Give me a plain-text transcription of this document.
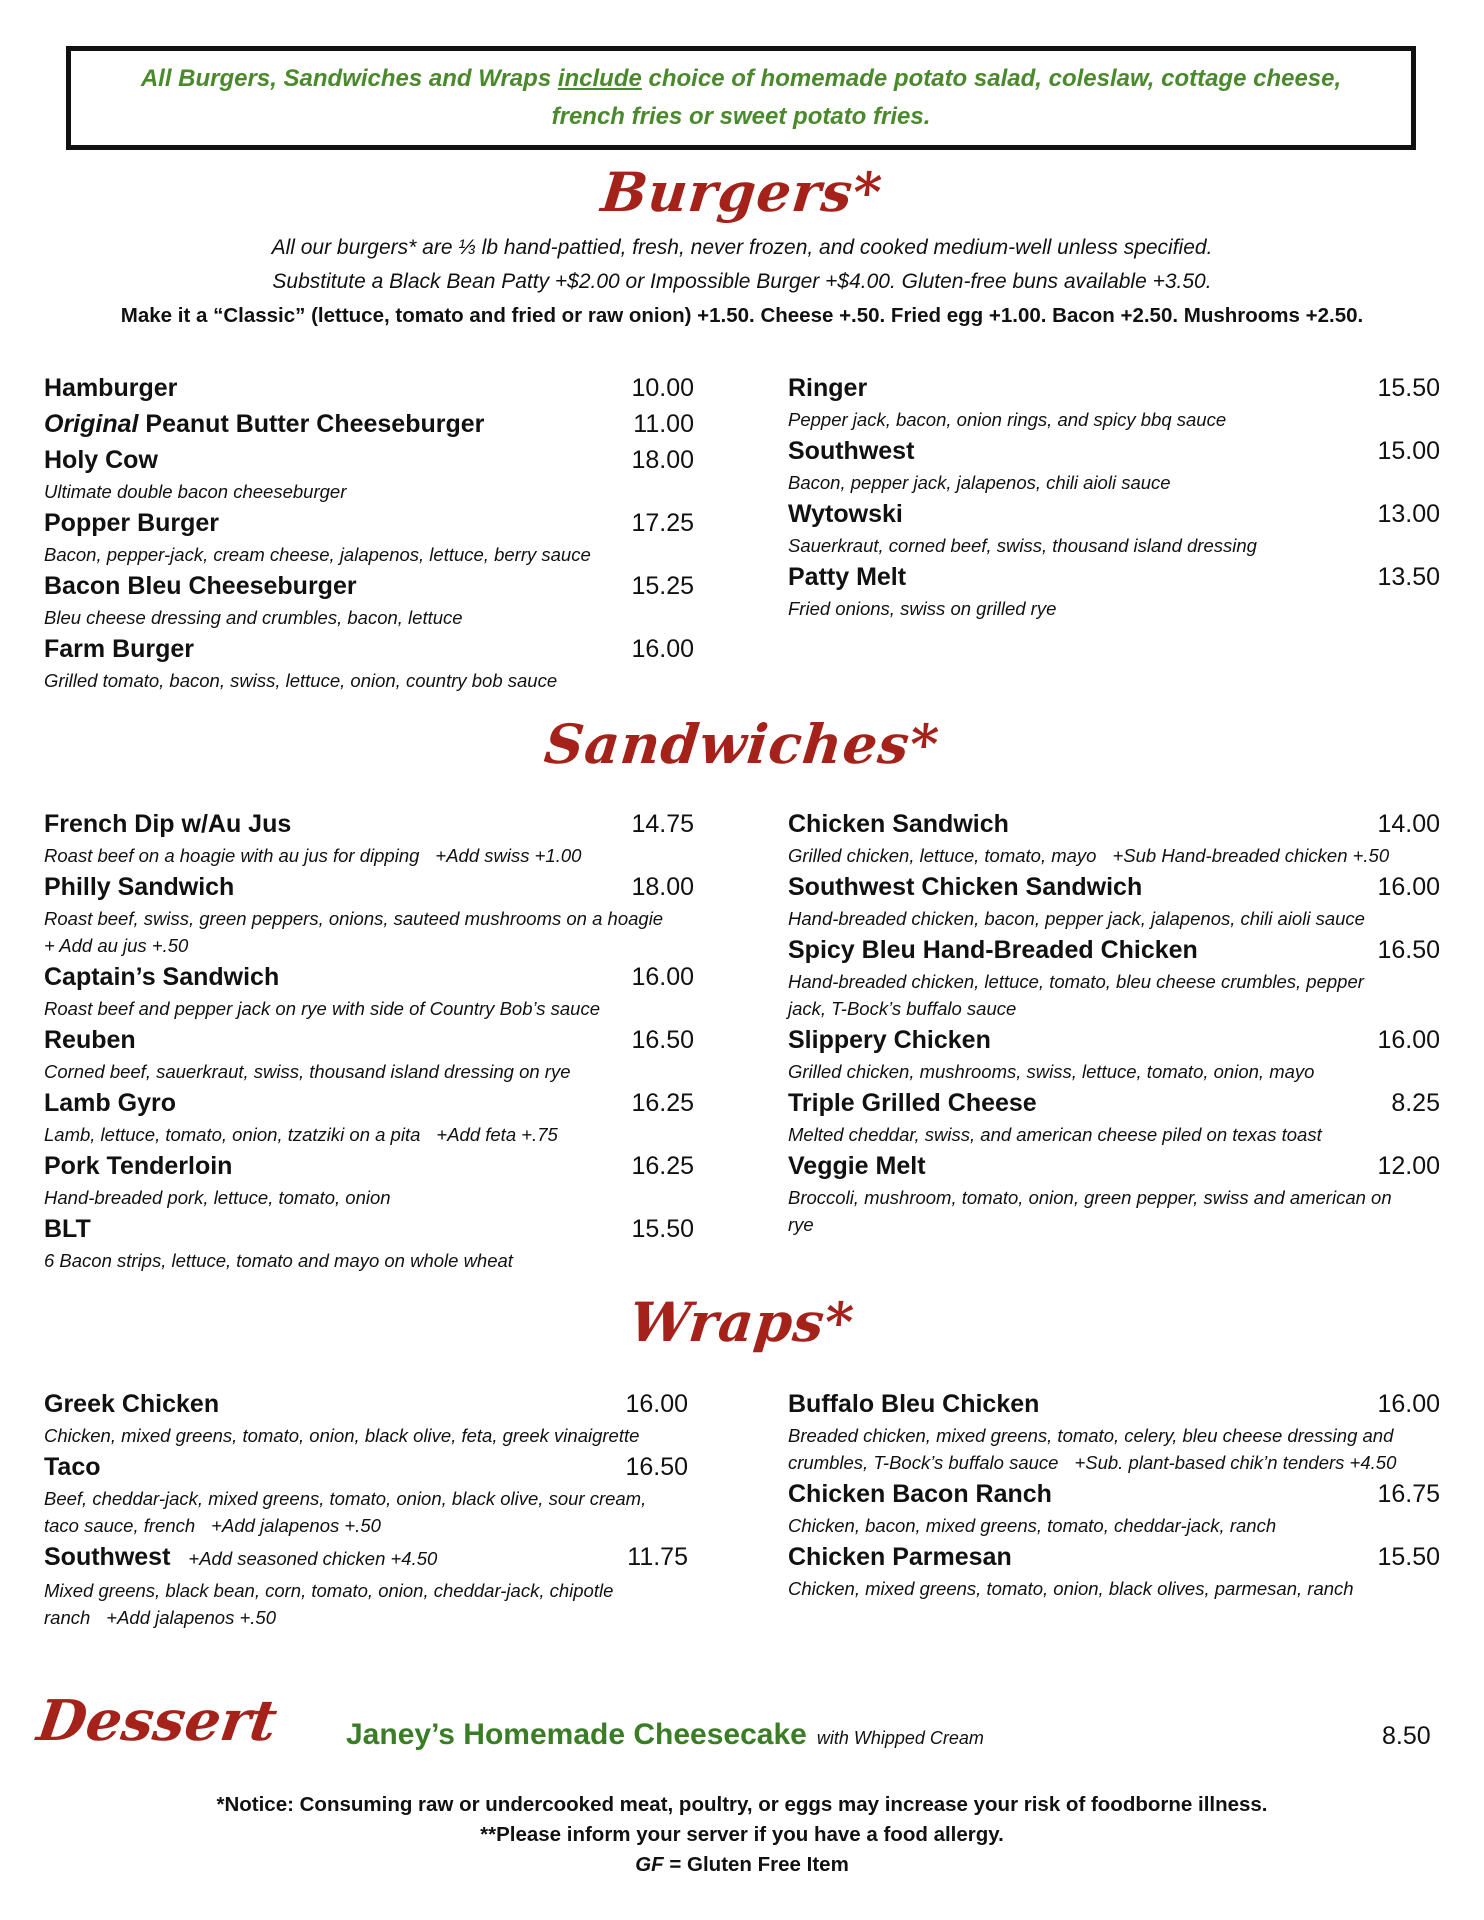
All Burgers, Sandwiches and Wraps include choice of homemade potato salad, coleslaw, cottage cheese,
french fries or sweet potato fries.
Burgers*
All our burgers* are ⅓ lb hand-pattied, fresh, never frozen, and cooked medium-well unless specified.
Substitute a Black Bean Patty +$2.00 or Impossible Burger +$4.00. Gluten-free buns available +3.50.
Make it a “Classic” (lettuce, tomato and fried or raw onion) +1.50. Cheese +.50. Fried egg +1.00. Bacon +2.50. Mushrooms +2.50.
Hamburger	10.00
Original Peanut Butter Cheeseburger	11.00
Holy Cow	18.00
Ultimate double bacon cheeseburger
Popper Burger	17.25
Bacon, pepper-jack, cream cheese, jalapenos, lettuce, berry sauce
Bacon Bleu Cheeseburger	15.25
Bleu cheese dressing and crumbles, bacon, lettuce
Farm Burger	16.00
Grilled tomato, bacon, swiss, lettuce, onion, country bob sauce
Ringer	15.50
Pepper jack, bacon, onion rings, and spicy bbq sauce
Southwest	15.00
Bacon, pepper jack, jalapenos, chili aioli sauce
Wytowski	13.00
Sauerkraut, corned beef, swiss, thousand island dressing
Patty Melt	13.50
Fried onions, swiss on grilled rye
Sandwiches*
French Dip w/Au Jus	14.75
Roast beef on a hoagie with au jus for dipping +Add swiss +1.00
Philly Sandwich	18.00
Roast beef, swiss, green peppers, onions, sauteed mushrooms on a hoagie
+ Add au jus +.50
Captain’s Sandwich	16.00
Roast beef and pepper jack on rye with side of Country Bob’s sauce
Reuben	16.50
Corned beef, sauerkraut, swiss, thousand island dressing on rye
Lamb Gyro	16.25
Lamb, lettuce, tomato, onion, tzatziki on a pita +Add feta +.75
Pork Tenderloin	16.25
Hand-breaded pork, lettuce, tomato, onion
BLT	15.50
6 Bacon strips, lettuce, tomato and mayo on whole wheat
Chicken Sandwich	14.00
Grilled chicken, lettuce, tomato, mayo +Sub Hand-breaded chicken +.50
Southwest Chicken Sandwich	16.00
Hand-breaded chicken, bacon, pepper jack, jalapenos, chili aioli sauce
Spicy Bleu Hand-Breaded Chicken	16.50
Hand-breaded chicken, lettuce, tomato, bleu cheese crumbles, pepper
jack, T-Bock’s buffalo sauce
Slippery Chicken	16.00
Grilled chicken, mushrooms, swiss, lettuce, tomato, onion, mayo
Triple Grilled Cheese	8.25
Melted cheddar, swiss, and american cheese piled on texas toast
Veggie Melt	12.00
Broccoli, mushroom, tomato, onion, green pepper, swiss and american on
rye
Wraps*
Greek Chicken	16.00
Chicken, mixed greens, tomato, onion, black olive, feta, greek vinaigrette
Taco	16.50
Beef, cheddar-jack, mixed greens, tomato, onion, black olive, sour cream,
taco sauce, french +Add jalapenos +.50
Southwest +Add seasoned chicken +4.50	11.75
Mixed greens, black bean, corn, tomato, onion, cheddar-jack, chipotle
ranch +Add jalapenos +.50
Buffalo Bleu Chicken	16.00
Breaded chicken, mixed greens, tomato, celery, bleu cheese dressing and
crumbles, T-Bock’s buffalo sauce +Sub. plant-based chik’n tenders +4.50
Chicken Bacon Ranch	16.75
Chicken, bacon, mixed greens, tomato, cheddar-jack, ranch
Chicken Parmesan	15.50
Chicken, mixed greens, tomato, onion, black olives, parmesan, ranch
Dessert Janey’s Homemade Cheesecake with Whipped Cream	8.50
*Notice: Consuming raw or undercooked meat, poultry, or eggs may increase your risk of foodborne illness.
**Please inform your server if you have a food allergy.
GF = Gluten Free Item
